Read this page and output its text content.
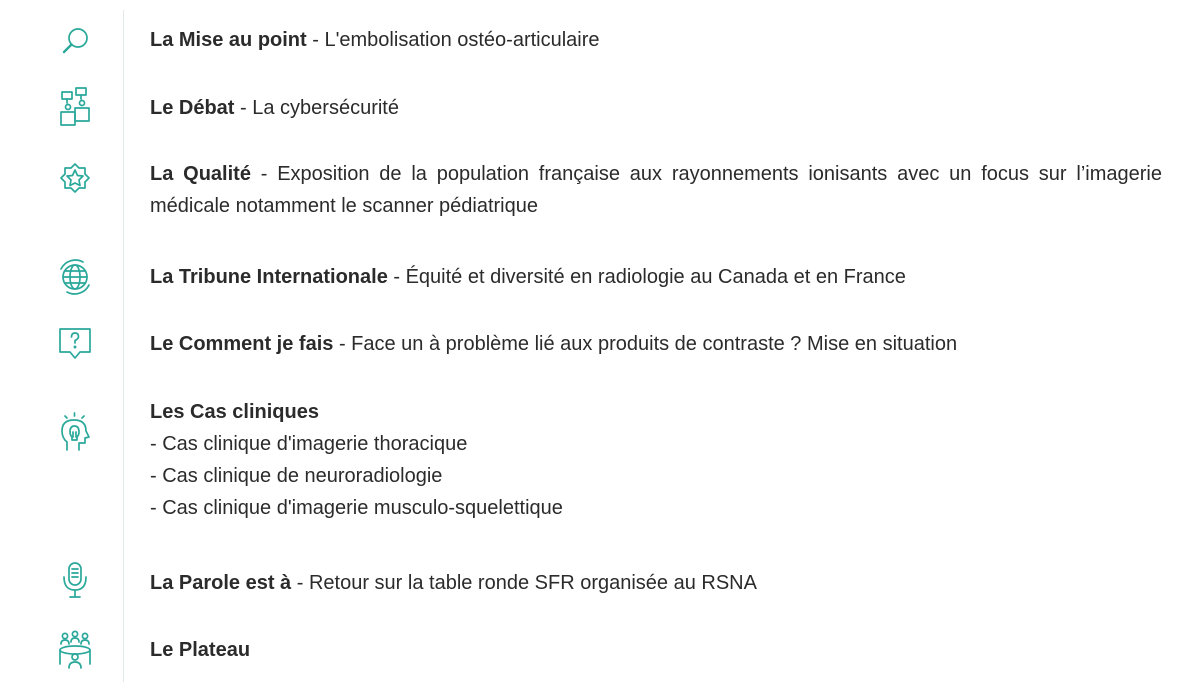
La Mise au point - L'embolisation ostéo-articulaire
Le Débat - La cybersécurité
La Qualité - Exposition de la population française aux rayonnements ionisants avec un focus sur l’imagerie médicale notamment le scanner pédiatrique
La Tribune Internationale - Équité et diversité en radiologie au Canada et en France
Le Comment je fais - Face un à problème lié aux produits de contraste ? Mise en situation
Les Cas cliniques
- Cas clinique d'imagerie thoracique
- Cas clinique de neuroradiologie
- Cas clinique d'imagerie musculo-squelettique
La Parole est à - Retour sur la table ronde SFR organisée au RSNA
Le Plateau
